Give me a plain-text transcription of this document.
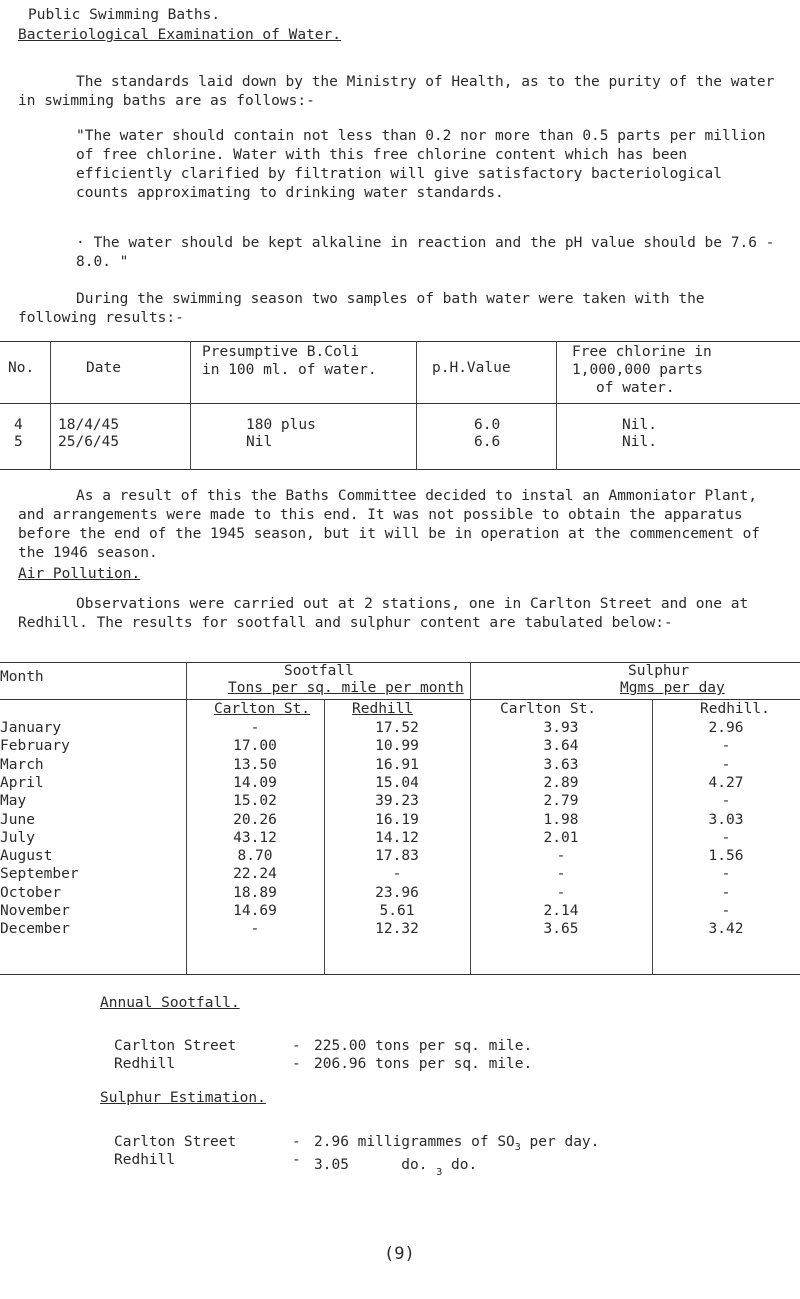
Public Swimming Baths.
Bacteriological Examination of Water.
The standards laid down by the Ministry of Health, as to the purity of the water in swimming baths are as follows:-
"The water should contain not less than 0.2 nor more than 0.5 parts per million of free chlorine. Water with this free chlorine content which has been efficiently clarified by filtration will give satisfactory bacteriological counts approximating to drinking water standards.
· The water should be kept alkaline in reaction and the pH value should be 7.6 - 8.0. "
During the swimming season two samples of bath water were taken with the following results:-
No.	Date
Presumptive B.Coli
in 100 ml. of water.	p.H.Value
Free chlorine in
1,000,000 parts
of water.
4 18/4/45	180 plus	6.0	Nil.
5 25/6/45	Nil	6.6	Nil.
As a result of this the Baths Committee decided to instal an Ammoniator Plant, and arrangements were made to this end. It was not possible to obtain the apparatus before the end of the 1945 season, but it will be in operation at the commencement of the 1946 season.
Air Pollution.
Observations were carried out at 2 stations, one in Carlton Street and one at Redhill. The results for sootfall and sulphur content are tabulated below:-
Month	Sootfall
Tons per sq. mile per month
Sulphur
Mgms per day
Carlton St.	Redhill	Carlton St.	Redhill.
January	-	17.52	3.93	2.96
February	17.00	10.99	3.64	-
March	13.50	16.91	3.63	-
April	14.09	15.04	2.89	4.27
May	15.02	39.23	2.79	-
June	20.26	16.19	1.98	3.03
July	43.12	14.12	2.01	-
August	8.70	17.83	-	1.56
September	22.24	-	-	-
October	18.89	23.96	-	-
November	14.69	5.61	2.14	-
December	-	12.32	3.65	3.42
Annual Sootfall.
Carlton Street	- 225.00 tons per sq. mile.
Redhill	- 206.96 tons per sq. mile.
Sulphur Estimation.
Carlton Street	- 2.96 milligrammes of $SO_3$ per day.
Redhill	- 3.05      do. $^3$ do.
(9)
